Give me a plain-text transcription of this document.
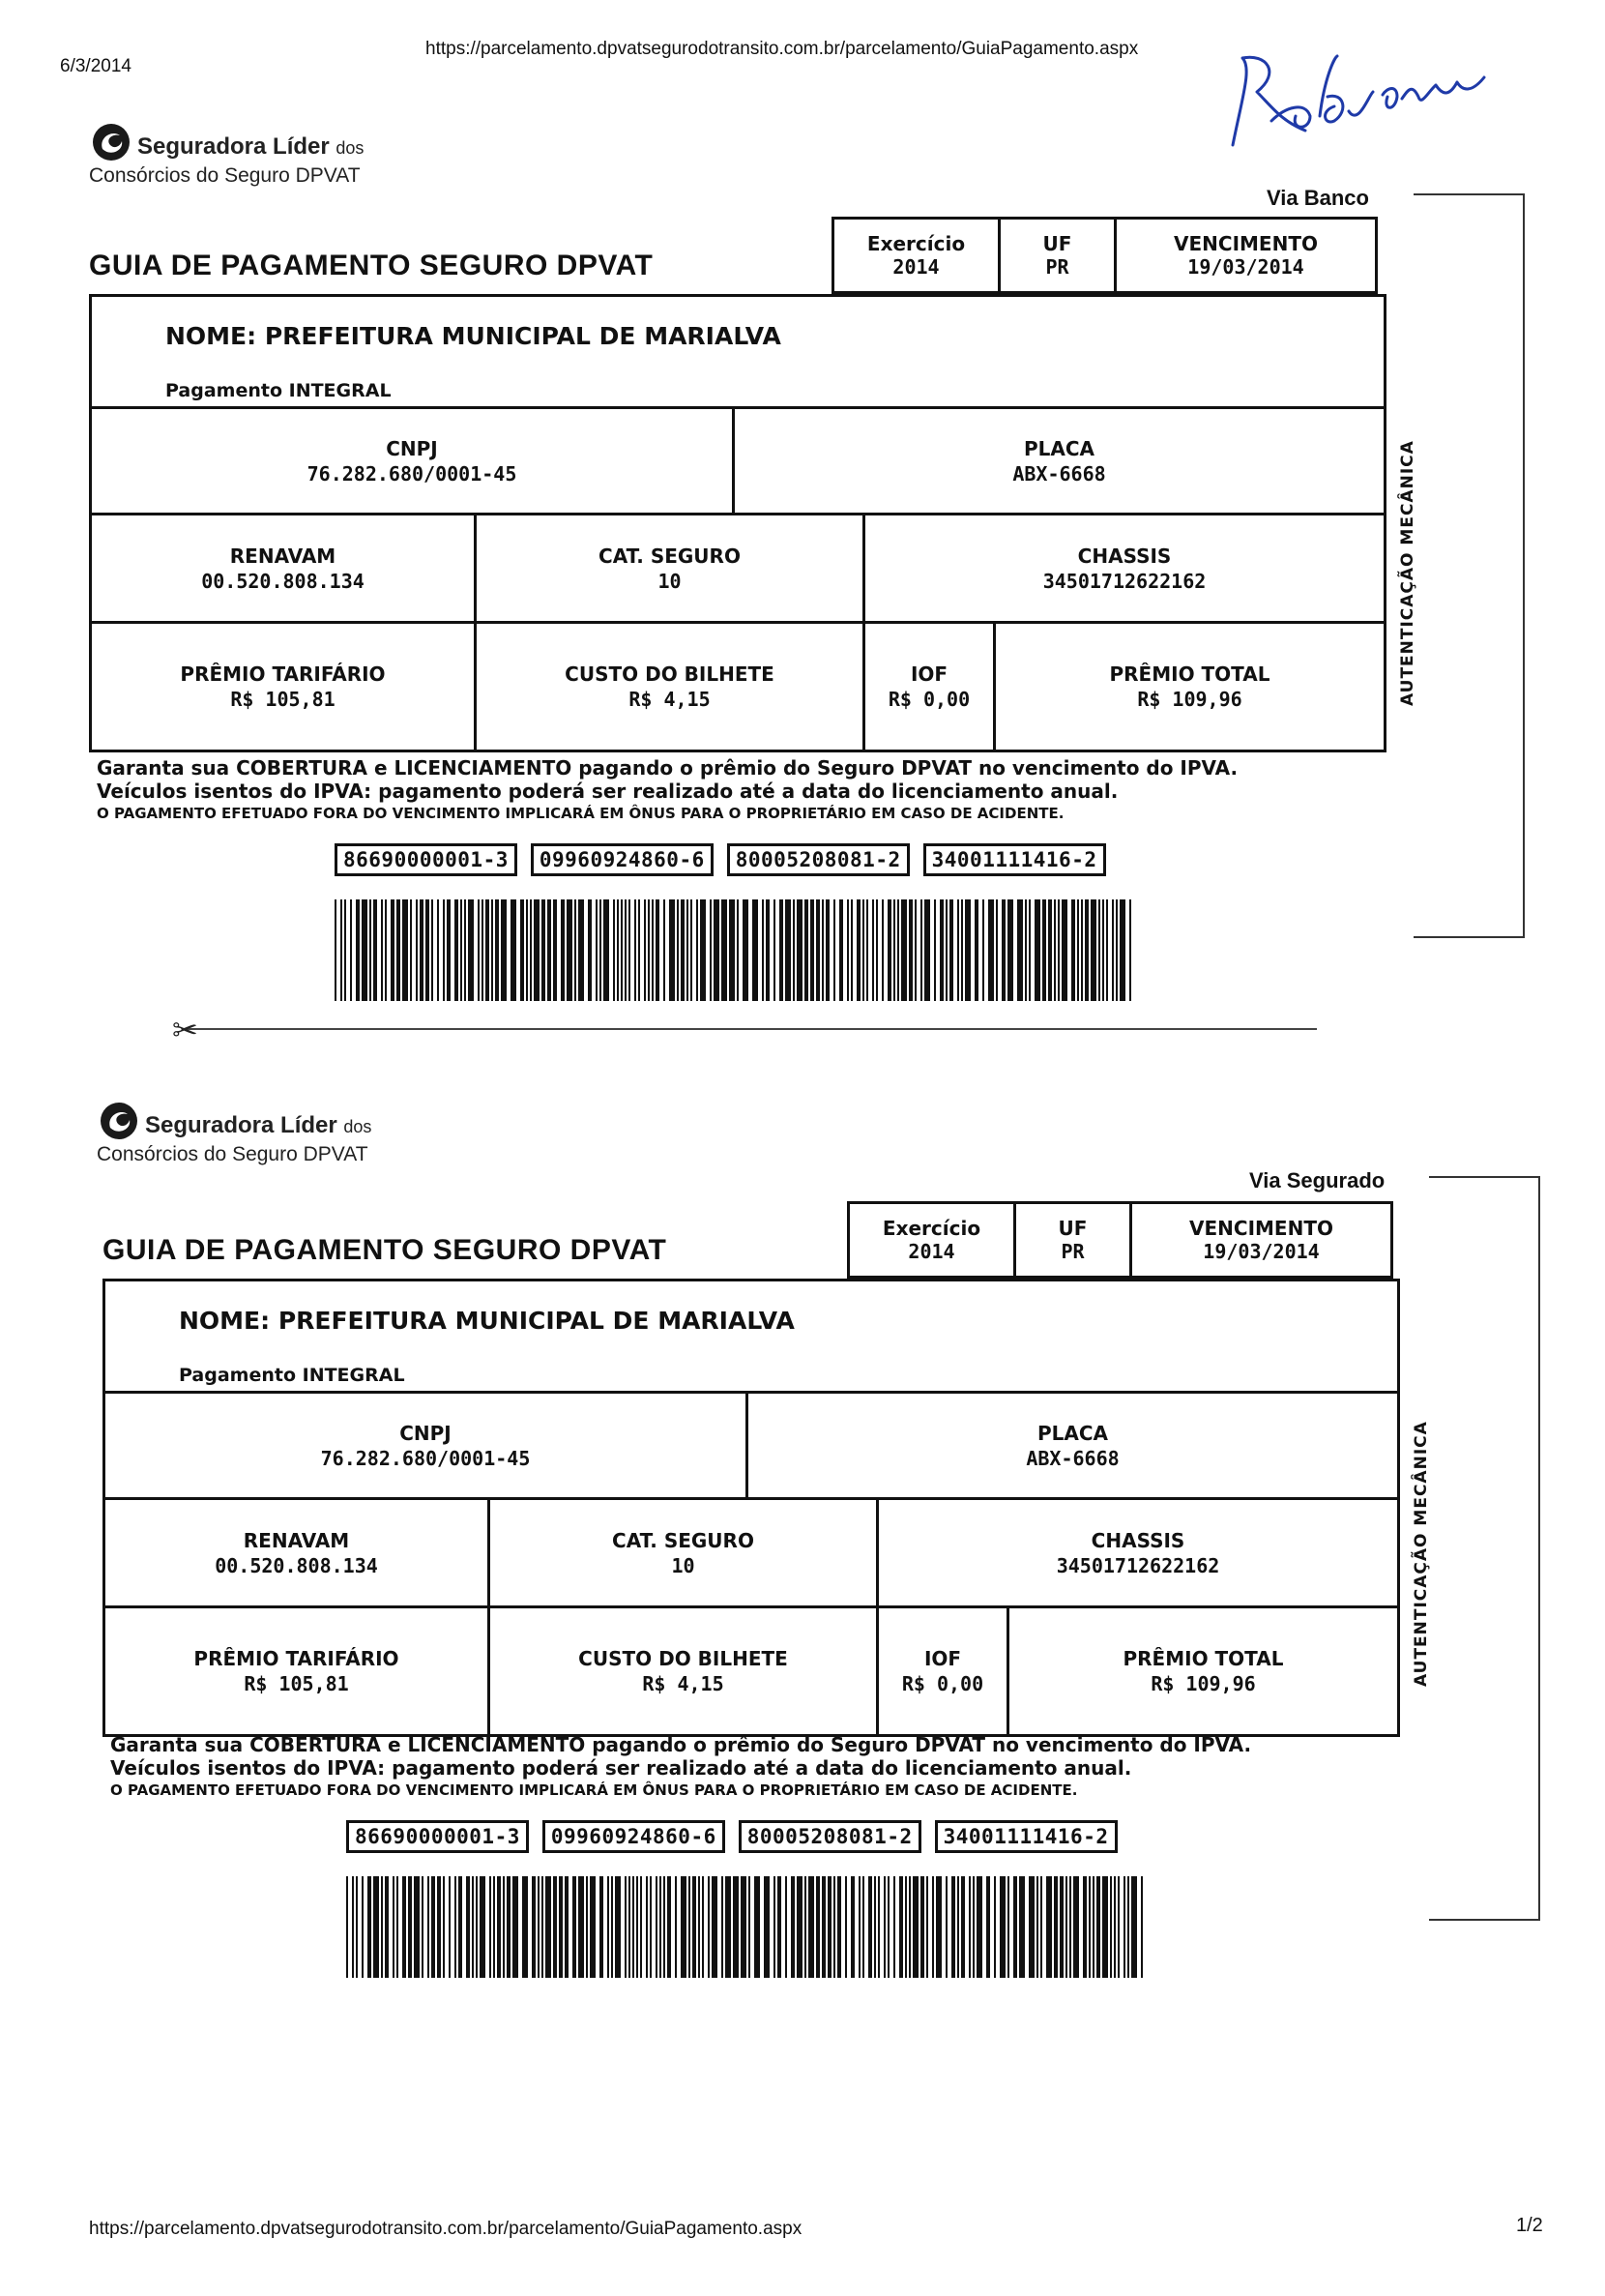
6/3/2014
https://parcelamento.dpvatsegurodotransito.com.br/parcelamento/GuiaPagamento.aspx
Seguradora Líder dos
Consórcios do Seguro DPVAT
Via Banco
GUIA DE PAGAMENTO SEGURO DPVAT
Exercício
2014
UF
PR
VENCIMENTO
19/03/2014
NOME: PREFEITURA MUNICIPAL DE MARIALVA
Pagamento INTEGRAL
CNPJ
76.282.680/0001-45
PLACA
ABX-6668
RENAVAM
00.520.808.134
CAT. SEGURO
10
CHASSIS
34501712622162
PRÊMIO TARIFÁRIO
R$ 105,81
CUSTO DO BILHETE
R$ 4,15
IOF
R$ 0,00
PRÊMIO TOTAL
R$ 109,96
Garanta sua COBERTURA e LICENCIAMENTO pagando o prêmio do Seguro DPVAT no vencimento do IPVA.
Veículos isentos do IPVA: pagamento poderá ser realizado até a data do licenciamento anual.
O PAGAMENTO EFETUADO FORA DO VENCIMENTO IMPLICARÁ EM ÔNUS PARA O PROPRIETÁRIO EM CASO DE ACIDENTE.
86690000001-3	09960924860-6	80005208081-2	34001111416-2
AUTENTICAÇÃO MECÂNICA
✂
Seguradora Líder dos
Consórcios do Seguro DPVAT
Via Segurado
GUIA DE PAGAMENTO SEGURO DPVAT
Exercício
2014
UF
PR
VENCIMENTO
19/03/2014
NOME: PREFEITURA MUNICIPAL DE MARIALVA
Pagamento INTEGRAL
CNPJ
76.282.680/0001-45
PLACA
ABX-6668
RENAVAM
00.520.808.134
CAT. SEGURO
10
CHASSIS
34501712622162
PRÊMIO TARIFÁRIO
R$ 105,81
CUSTO DO BILHETE
R$ 4,15
IOF
R$ 0,00
PRÊMIO TOTAL
R$ 109,96
Garanta sua COBERTURA e LICENCIAMENTO pagando o prêmio do Seguro DPVAT no vencimento do IPVA.
Veículos isentos do IPVA: pagamento poderá ser realizado até a data do licenciamento anual.
O PAGAMENTO EFETUADO FORA DO VENCIMENTO IMPLICARÁ EM ÔNUS PARA O PROPRIETÁRIO EM CASO DE ACIDENTE.
86690000001-3	09960924860-6	80005208081-2	34001111416-2
AUTENTICAÇÃO MECÂNICA
https://parcelamento.dpvatsegurodotransito.com.br/parcelamento/GuiaPagamento.aspx	1/2
